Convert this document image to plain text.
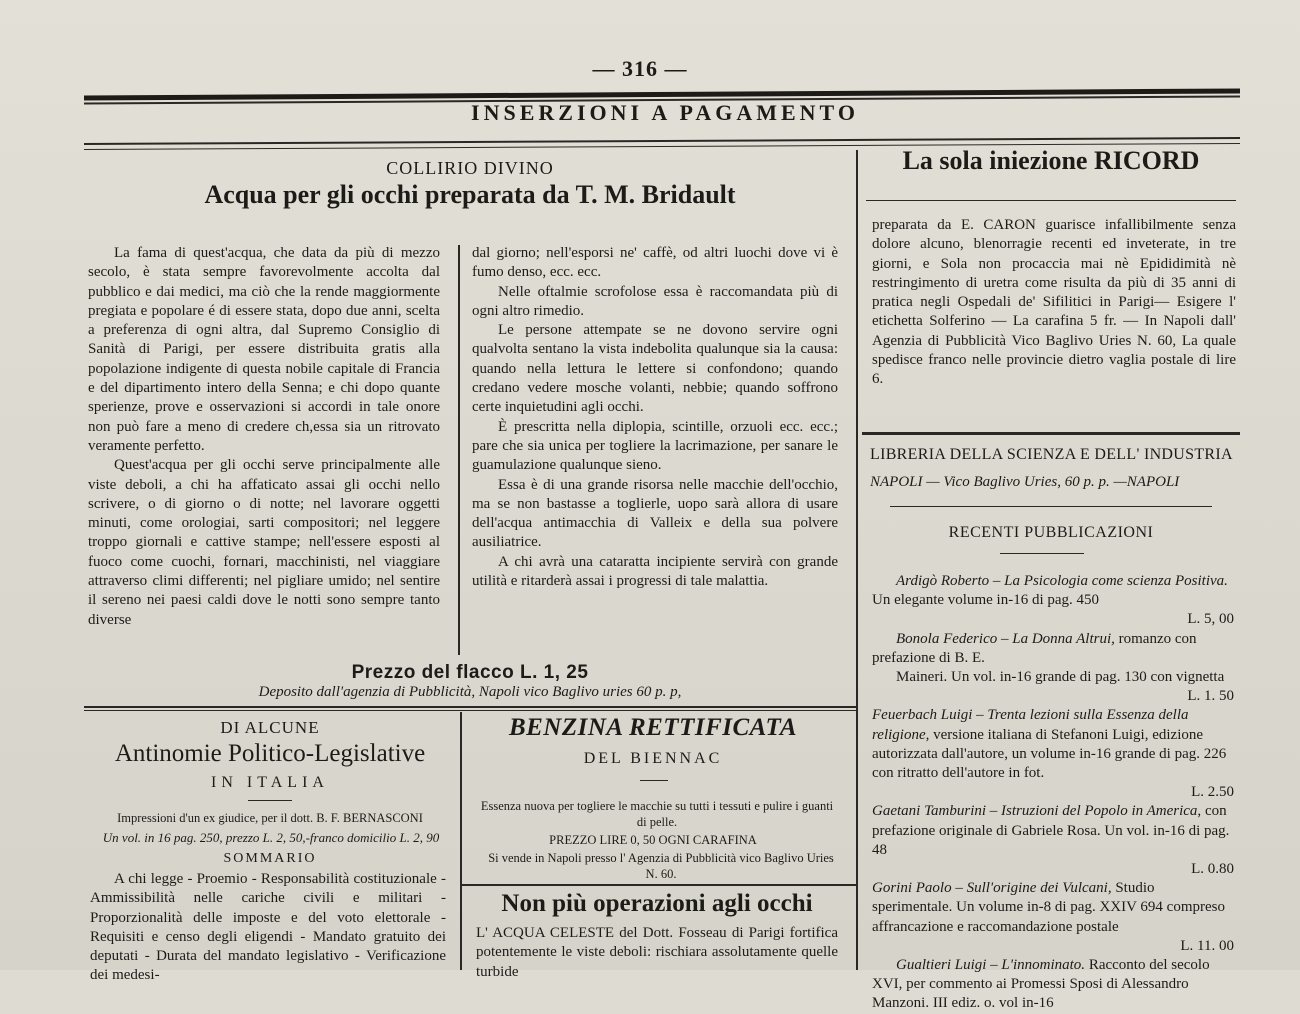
— 316 —
INSERZIONI A PAGAMENTO
COLLIRIO DIVINO
Acqua per gli occhi preparata da T. M. Bridault

La fama di quest'acqua, che data da più di mezzo secolo, è stata sempre favorevolmente accolta dal pubblico e dai medici, ma ciò che la rende maggiormente pregiata e popolare é di essere stata, dopo due anni, scelta a preferenza di ogni altra, dal Supremo Consiglio di Sanità di Parigi, per essere distribuita gratis alla popolazione indigente di questa nobile capitale di Francia e del dipartimento intero della Senna; e chi dopo quante sperienze, prove e osservazioni si accordi in tale onore non può fare a meno di credere ch,essa sia un ritrovato veramente perfetto.

Quest'acqua per gli occhi serve principalmente alle viste deboli, a chi ha affaticato assai gli occhi nello scrivere, o di giorno o di notte; nel lavorare oggetti minuti, come orologiai, sarti compositori; nel leggere troppo giornali e cattive stampe; nell'essere esposti al fuoco come cuochi, fornari, macchinisti, nel viaggiare attraverso climi differenti; nel pigliare umido; nel sentire il sereno nei paesi caldi dove le notti sono sempre tanto diverse

dal giorno; nell'esporsi ne' caffè, od altri luochi dove vi è fumo denso, ecc. ecc.

Nelle oftalmie scrofolose essa è raccomandata più di ogni altro rimedio.

Le persone attempate se ne dovono servire ogni qualvolta sentano la vista indebolita qualunque sia la causa: quando nella lettura le lettere si confondono; quando credano vedere mosche volanti, nebbie; quando soffrono certe inquietudini agli occhi.

È prescritta nella diplopia, scintille, orzuoli ecc. ecc.; pare che sia unica per togliere la lacrimazione, per sanare le guamulazione qualunque sieno.

Essa è di una grande risorsa nelle macchie dell'occhio, ma se non bastasse a toglierle, uopo sarà allora di usare dell'acqua antimacchia di Valleix e della sua polvere ausiliatrice.

A chi avrà una cataratta incipiente servirà con grande utilità e ritarderà assai i progressi di tale malattia.

Prezzo del flacco L. 1, 25
Deposito dall'agenzia di Pubblicità, Napoli vico Baglivo uries 60 p. p,
La sola iniezione RICORD

preparata da E. CARON guarisce infallibilmente senza dolore alcuno, blenorragie recenti ed inveterate, in tre giorni, e Sola non procaccia mai nè Epididimità nè restringimento di uretra come risulta da più di 35 anni di pratica negli Ospedali de' Sifilitici in Parigi— Esigere l' etichetta Solferino — La carafina 5 fr. — In Napoli dall' Agenzia di Pubblicità Vico Baglivo Uries N. 60, La quale spedisce franco nelle provincie dietro vaglia postale di lire 6.

LIBRERIA DELLA SCIENZA E DELL' INDUSTRIA
NAPOLI — Vico Baglivo Uries, 60 p. p. —NAPOLI
RECENTI PUBBLICAZIONI
Ardigò Roberto – La Psicologia come scienza Positiva. Un elegante volume in-16 di pag. 450
L. 5, 00
Bonola Federico – La Donna Altrui, romanzo con prefazione di B. E.
Maineri. Un vol. in-16 grande di pag. 130 con vignetta
L. 1. 50
Feuerbach Luigi – Trenta lezioni sulla Essenza della religione, versione italiana di Stefanoni Luigi, edizione autorizzata dall'autore, un volume in-16 grande di pag. 226 con ritratto dell'autore in fot.
L. 2.50
Gaetani Tamburini – Istruzioni del Popolo in America, con prefazione originale di Gabriele Rosa. Un vol. in-16 di pag. 48
L. 0.80
Gorini Paolo – Sull'origine dei Vulcani, Studio sperimentale. Un volume in-8 di pag. XXIV 694 compreso affrancazione e raccomandazione postale
L. 11. 00
Gualtieri Luigi – L'innominato. Racconto del secolo XVI, per commento ai Promessi Sposi di Alessandro Manzoni. III ediz. o. vol in-16
DI ALCUNE
Antinomie Politico-Legislative
IN ITALIA
Impressioni d'un ex giudice, per il dott. B. F. BERNASCONI
Un vol. in 16 pag. 250, prezzo L. 2, 50,-franco domicilio L. 2, 90
SOMMARIO

A chi legge - Proemio - Responsabilità costituzionale - Ammissibilità nelle cariche civili e militari - Proporzionalità delle imposte e del voto elettorale - Requisiti e censo degli eligendi - Mandato gratuito dei deputati - Durata del mandato legislativo - Verificazione dei medesi-

BENZINA RETTIFICATA
DEL BIENNAC

Essenza nuova per togliere le macchie su tutti i tessuti e pulire i guanti di pelle.

PREZZO LIRE 0, 50 OGNI CARAFINA

Si vende in Napoli presso l' Agenzia di Pubblicità vico Baglivo Uries N. 60.

Non più operazioni agli occhi

L' ACQUA CELESTE del Dott. Fosseau di Parigi fortifica potentemente le viste deboli: rischiara assolutamente quelle turbide
